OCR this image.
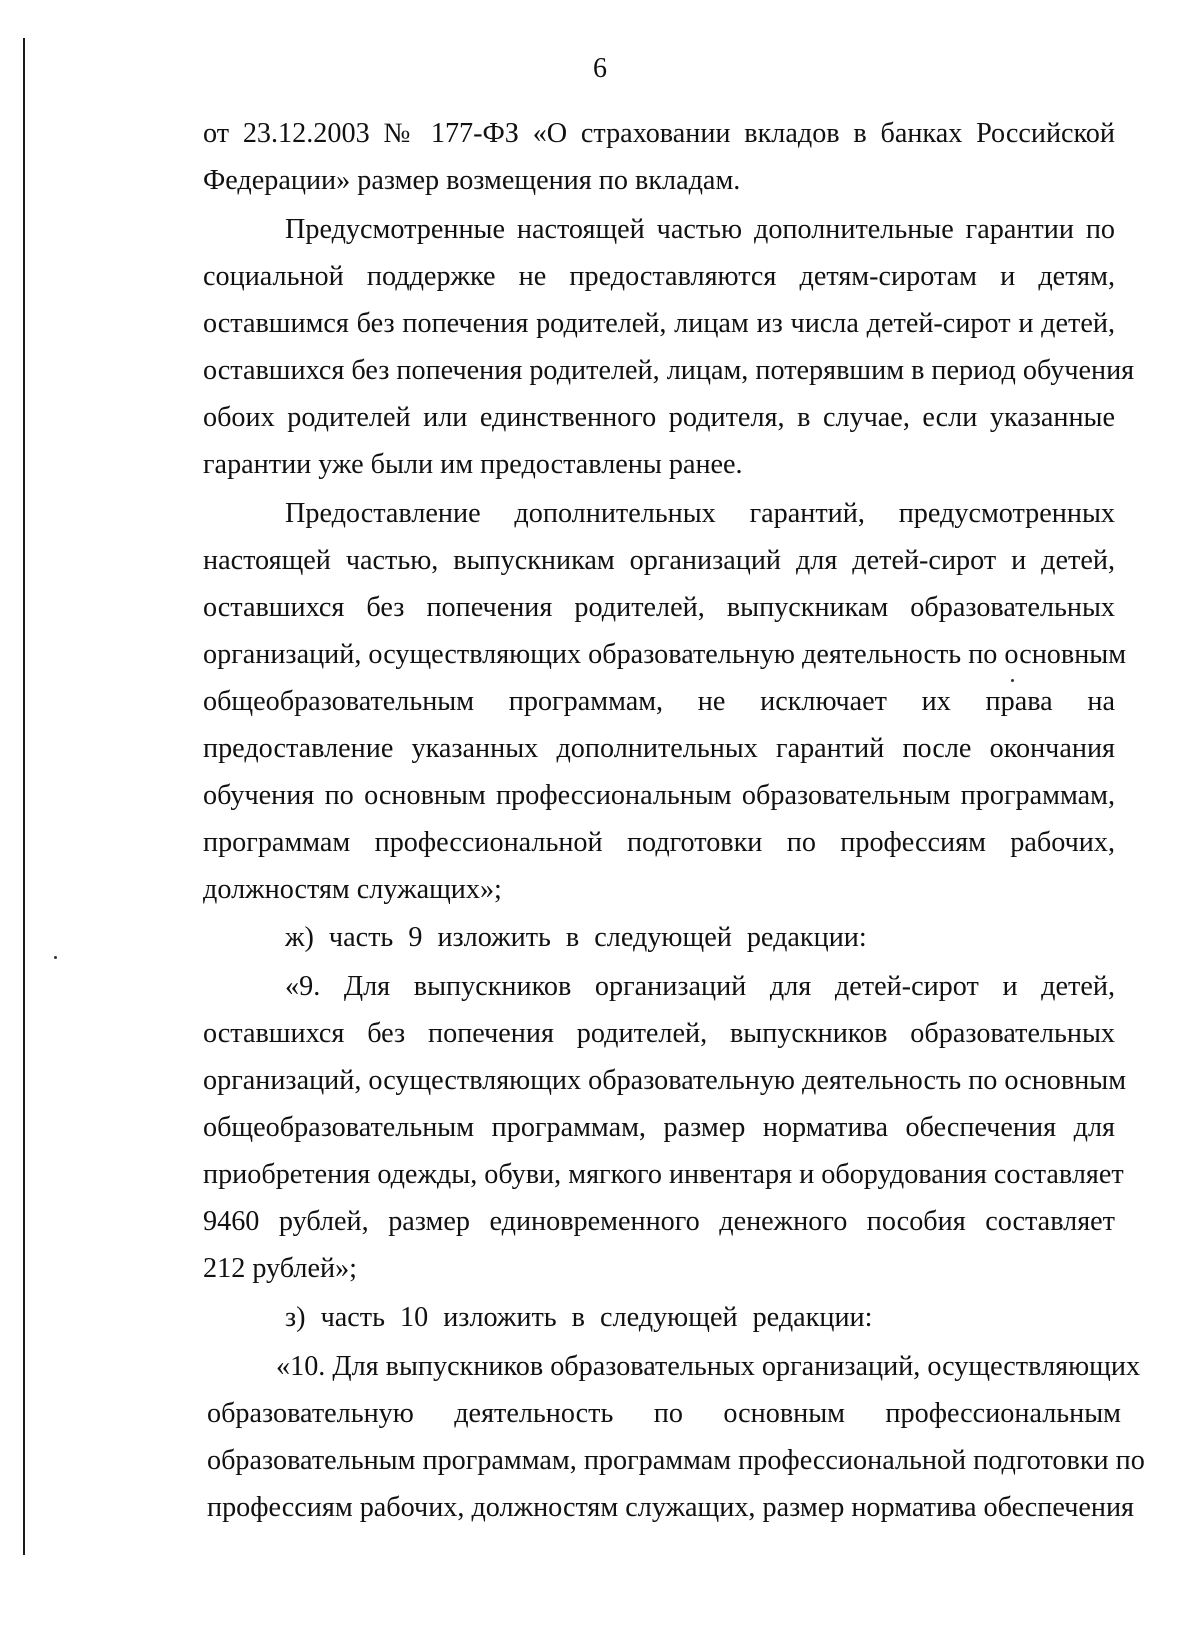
6
от 23.12.2003 № 177-ФЗ «О страховании вкладов в банках Российской
Федерации» размер возмещения по вкладам.
Предусмотренные настоящей частью дополнительные гарантии по
социальной поддержке не предоставляются детям-сиротам и детям,
оставшимся без попечения родителей, лицам из числа детей-сирот и детей,
оставшихся без попечения родителей, лицам, потерявшим в период обучения
обоих родителей или единственного родителя, в случае, если указанные
гарантии уже были им предоставлены ранее.
Предоставление дополнительных гарантий, предусмотренных
настоящей частью, выпускникам организаций для детей-сирот и детей,
оставшихся без попечения родителей, выпускникам образовательных
организаций, осуществляющих образовательную деятельность по основным
общеобразовательным программам, не исключает их права на
предоставление указанных дополнительных гарантий после окончания
обучения по основным профессиональным образовательным программам,
программам профессиональной подготовки по профессиям рабочих,
должностям служащих»;
ж) часть 9 изложить в следующей редакции:
«9. Для выпускников организаций для детей-сирот и детей,
оставшихся без попечения родителей, выпускников образовательных
организаций, осуществляющих образовательную деятельность по основным
общеобразовательным программам, размер норматива обеспечения для
приобретения одежды, обуви, мягкого инвентаря и оборудования составляет
9460 рублей, размер единовременного денежного пособия составляет
212 рублей»;
з) часть 10 изложить в следующей редакции:
«10. Для выпускников образовательных организаций, осуществляющих
образовательную деятельность по основным профессиональным
образовательным программам, программам профессиональной подготовки по
профессиям рабочих, должностям служащих, размер норматива обеспечения
